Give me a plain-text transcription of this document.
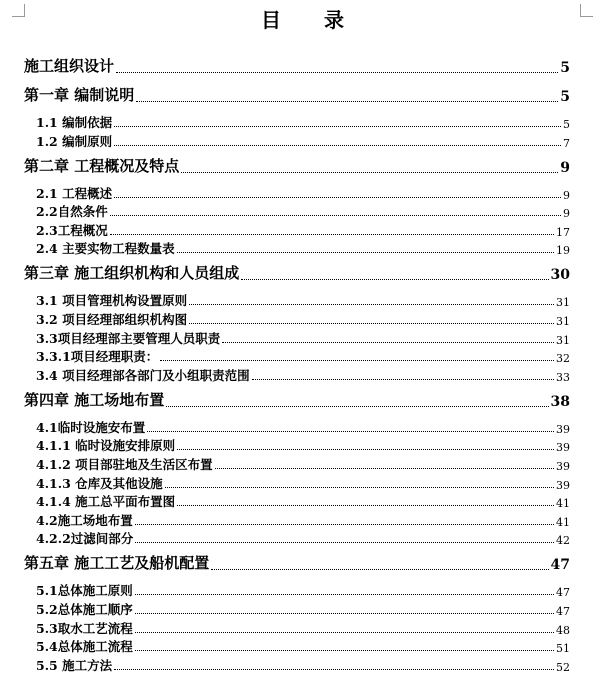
目 录
施工组织设计	5
第一章 编制说明	5
1.1 编制依据	5
1.2 编制原则	7
第二章 工程概况及特点	9
2.1 工程概述	9
2.2自然条件	9
2.3工程概况	17
2.4 主要实物工程数量表	19
第三章 施工组织机构和人员组成	30
3.1 项目管理机构设置原则	31
3.2 项目经理部组织机构图	31
3.3项目经理部主要管理人员职责	31
3.3.1项目经理职责：	32
3.4 项目经理部各部门及小组职责范围	33
第四章 施工场地布置	38
4.1临时设施安布置	39
4.1.1 临时设施安排原则	39
4.1.2 项目部驻地及生活区布置	39
4.1.3 仓库及其他设施	39
4.1.4 施工总平面布置图	41
4.2施工场地布置	41
4.2.2过滤间部分	42
第五章 施工工艺及船机配置	47
5.1总体施工原则	47
5.2总体施工顺序	47
5.3取水工艺流程	48
5.4总体施工流程	51
5.5 施工方法	52
